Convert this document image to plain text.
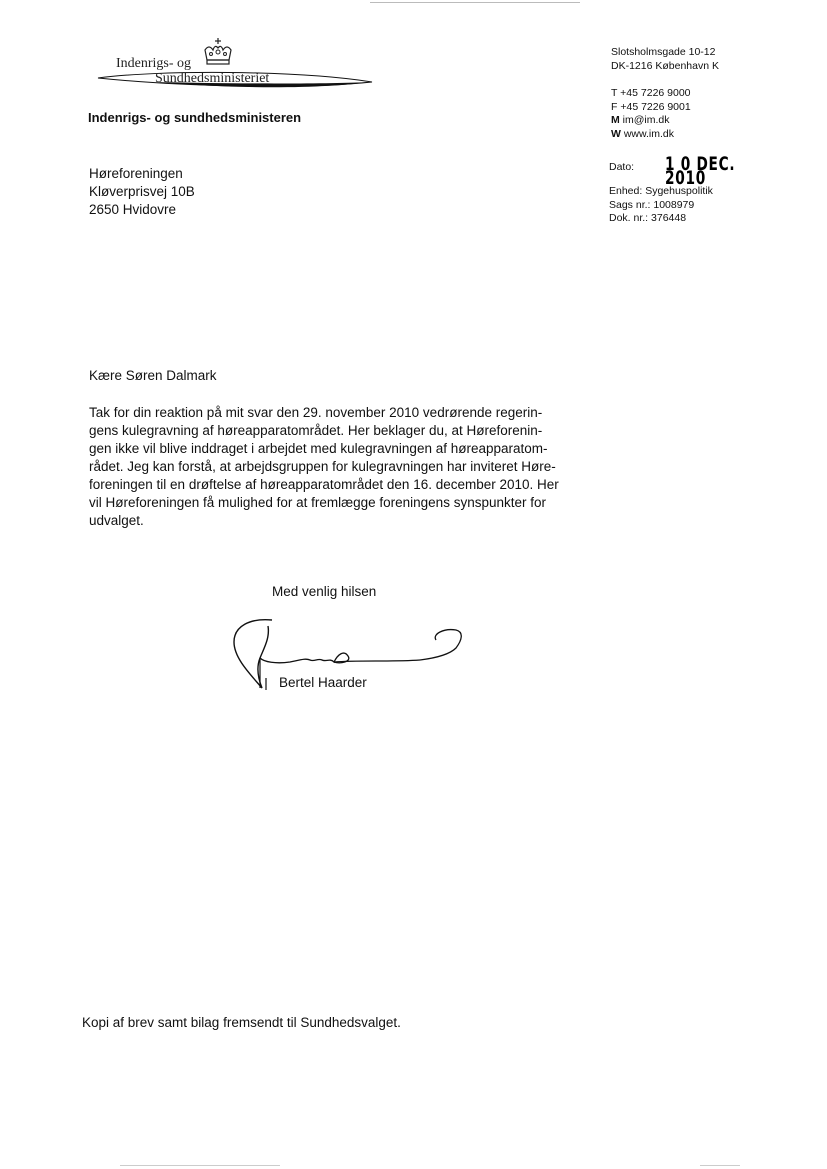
Indenrigs- og
Sundhedsministeriet
Indenrigs- og sundhedsministeren
Slotsholmsgade 10-12
DK-1216 København K
T +45 7226 9000
F +45 7226 9001
M im@im.dk
W www.im.dk
Dato:	1 0 DEC. 2010
Enhed: Sygehuspolitik
Sags nr.: 1008979
Dok. nr.: 376448
Høreforeningen
Kløverprisvej 10B
2650 Hvidovre
Kære Søren Dalmark
Tak for din reaktion på mit svar den 29. november 2010 vedrørende regerin-
gens kulegravning af høreapparatområdet. Her beklager du, at Høreforenin-
gen ikke vil blive inddraget i arbejdet med kulegravningen af høreapparatom-
rådet. Jeg kan forstå, at arbejdsgruppen for kulegravningen har inviteret Høre-
foreningen til en drøftelse af høreapparatområdet den 16. december 2010. Her
vil Høreforeningen få mulighed for at fremlægge foreningens synspunkter for
udvalget.
Med venlig hilsen
Bertel Haarder
Kopi af brev samt bilag fremsendt til Sundhedsvalget.
